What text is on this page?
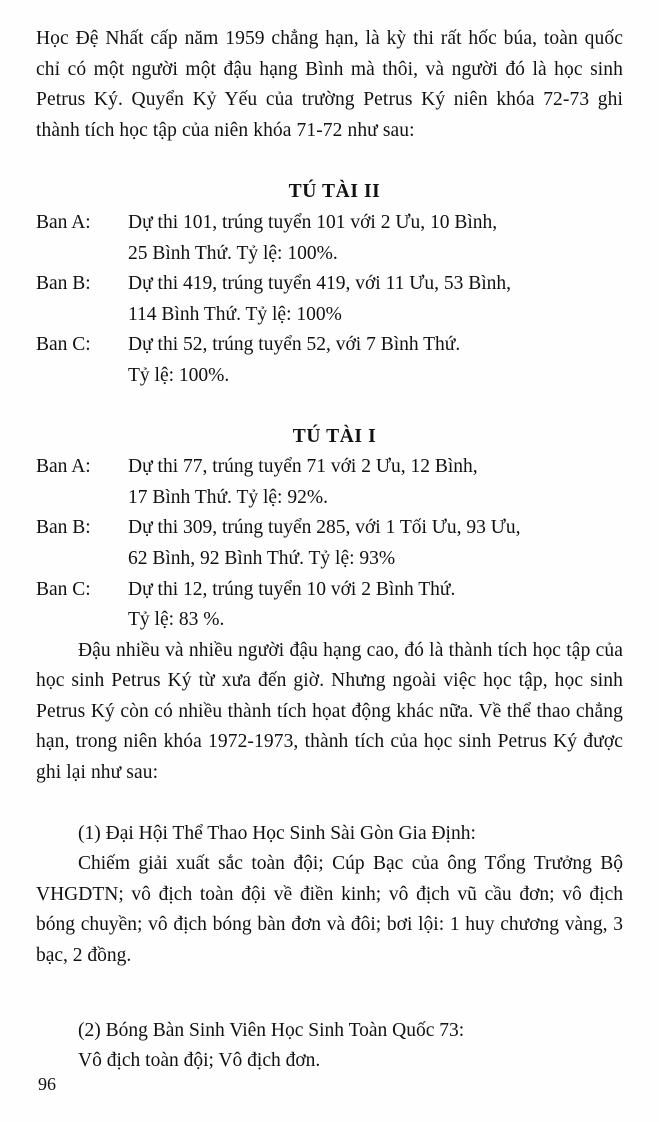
Học Đệ Nhất cấp năm 1959 chẳng hạn, là kỳ thi rất hốc búa, toàn quốc chỉ có một người một đậu hạng Bình mà thôi, và người đó là học sinh Petrus Ký. Quyển Kỷ Yếu của trường Petrus Ký niên khóa 72-73 ghi thành tích học tập của niên khóa 71-72 như sau:

TÚ TÀI II
Ban A:	Dự thi 101, trúng tuyển 101 với 2 Ưu, 10 Bình,
25 Bình Thứ. Tỷ lệ: 100%.
Ban B:	Dự thi 419, trúng tuyển 419, với 11 Ưu, 53 Bình,
114 Bình Thứ. Tỷ lệ: 100%
Ban C:	Dự thi 52, trúng tuyển 52, với 7 Bình Thứ.
Tỷ lệ: 100%.
TÚ TÀI I
Ban A:	Dự thi 77, trúng tuyển 71 với 2 Ưu, 12 Bình,
17 Bình Thứ. Tỷ lệ: 92%.
Ban B:	Dự thi 309, trúng tuyển 285, với 1 Tối Ưu, 93 Ưu,
62 Bình, 92 Bình Thứ. Tỷ lệ: 93%
Ban C:	Dự thi 12, trúng tuyển 10 với 2 Bình Thứ.
Tỷ lệ: 83 %.

Đậu nhiều và nhiều người đậu hạng cao, đó là thành tích học tập của học sinh Petrus Ký từ xưa đến giờ. Nhưng ngoài việc học tập, học sinh Petrus Ký còn có nhiều thành tích họat động khác nữa. Về thể thao chẳng hạn, trong niên khóa 1972-1973, thành tích của học sinh Petrus Ký được ghi lại như sau:

(1) Đại Hội Thể Thao Học Sinh Sài Gòn Gia Định:

Chiếm giải xuất sắc toàn đội; Cúp Bạc của ông Tổng Trưởng Bộ VHGDTN; vô địch toàn đội về điền kinh; vô địch vũ cầu đơn; vô địch bóng chuyền; vô địch bóng bàn đơn và đôi; bơi lội: 1 huy chương vàng, 3 bạc, 2 đồng.

(2) Bóng Bàn Sinh Viên Học Sinh Toàn Quốc 73:

Vô địch toàn đội; Vô địch đơn.

96
